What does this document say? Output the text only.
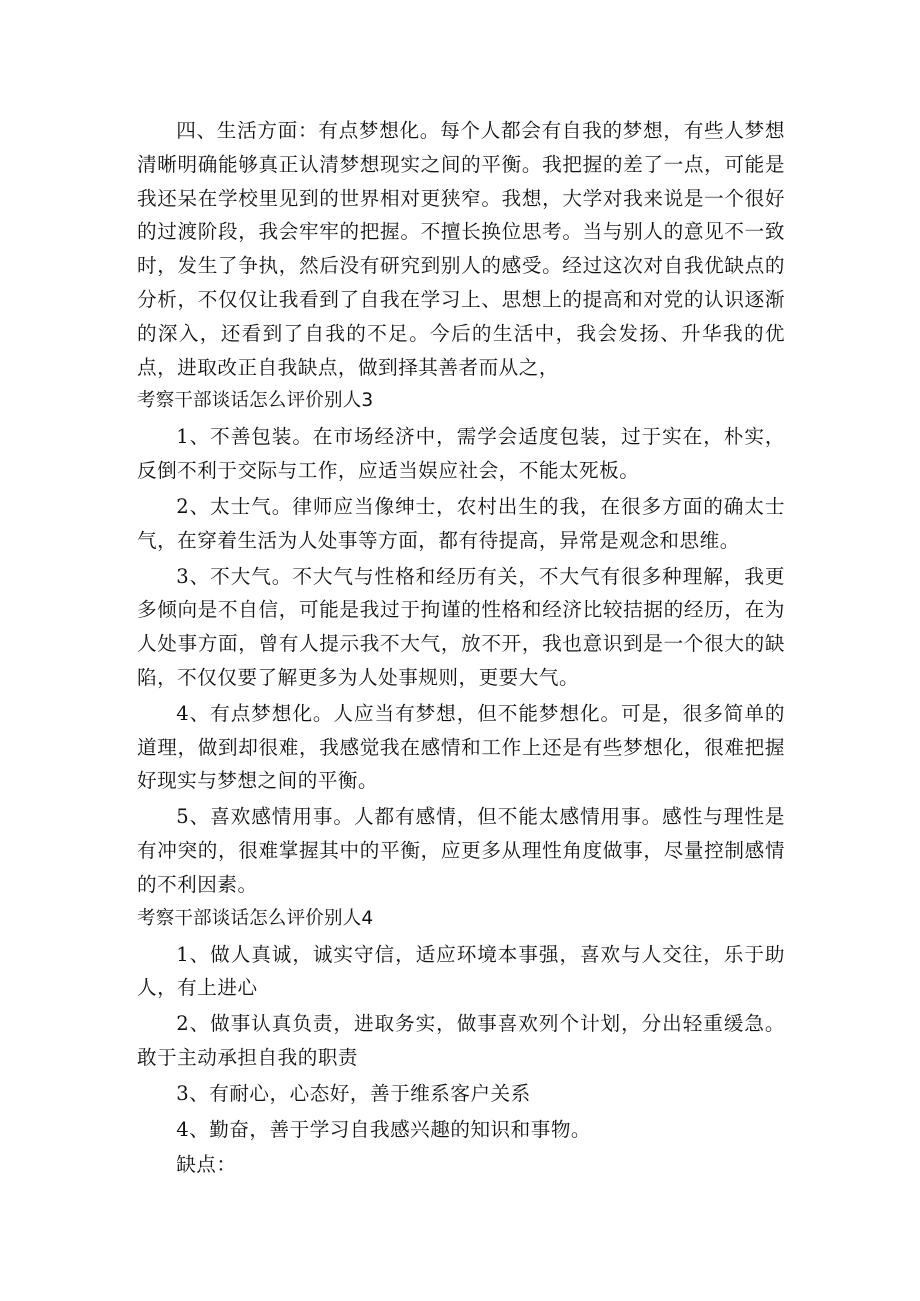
四、生活方面：有点梦想化。每个人都会有自我的梦想，有些人梦想清晰明确能够真正认清梦想现实之间的平衡。我把握的差了一点，可能是我还呆在学校里见到的世界相对更狭窄。我想，大学对我来说是一个很好的过渡阶段，我会牢牢的把握。不擅长换位思考。当与别人的意见不一致时，发生了争执，然后没有研究到别人的感受。经过这次对自我优缺点的分析，不仅仅让我看到了自我在学习上、思想上的提高和对党的认识逐渐的深入，还看到了自我的不足。今后的生活中，我会发扬、升华我的优点，进取改正自我缺点，做到择其善者而从之，

考察干部谈话怎么评价别人3

1、不善包装。在市场经济中，需学会适度包装，过于实在，朴实，反倒不利于交际与工作，应适当娱应社会，不能太死板。

2、太士气。律师应当像绅士，农村出生的我，在很多方面的确太士气，在穿着生活为人处事等方面，都有待提高，异常是观念和思维。

3、不大气。不大气与性格和经历有关，不大气有很多种理解，我更多倾向是不自信，可能是我过于拘谨的性格和经济比较拮据的经历，在为人处事方面，曾有人提示我不大气，放不开，我也意识到是一个很大的缺陷，不仅仅要了解更多为人处事规则，更要大气。

4、有点梦想化。人应当有梦想，但不能梦想化。可是，很多简单的道理，做到却很难，我感觉我在感情和工作上还是有些梦想化，很难把握好现实与梦想之间的平衡。

5、喜欢感情用事。人都有感情，但不能太感情用事。感性与理性是有冲突的，很难掌握其中的平衡，应更多从理性角度做事，尽量控制感情的不利因素。

考察干部谈话怎么评价别人4

1、做人真诚，诚实守信，适应环境本事强，喜欢与人交往，乐于助人，有上进心

2、做事认真负责，进取务实，做事喜欢列个计划，分出轻重缓急。敢于主动承担自我的职责

3、有耐心，心态好，善于维系客户关系

4、勤奋，善于学习自我感兴趣的知识和事物。

缺点：
